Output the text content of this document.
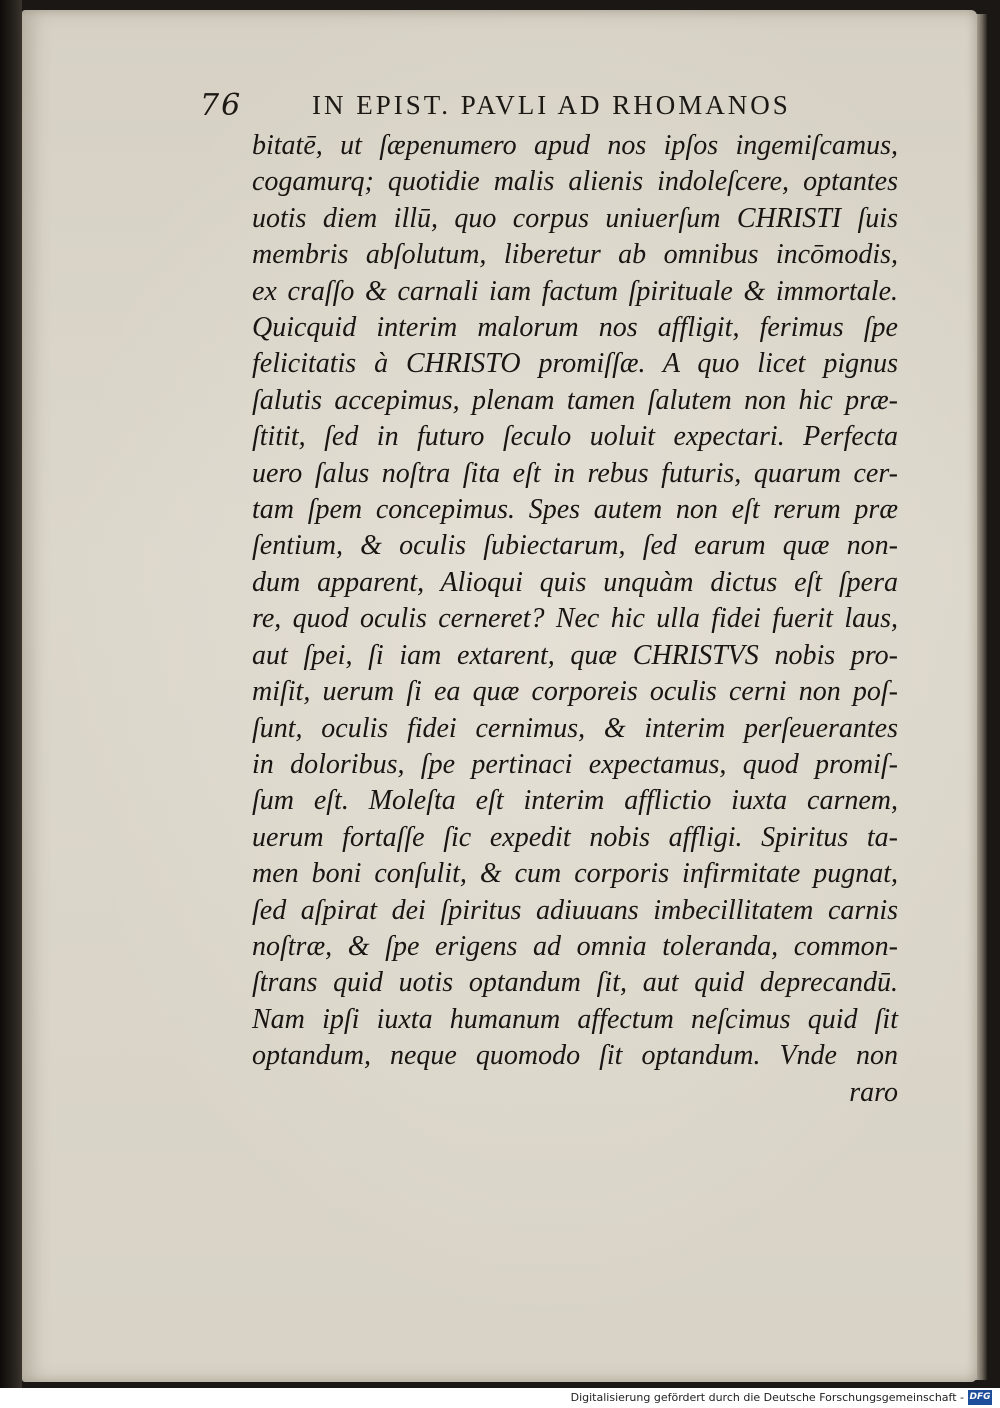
76	IN EPIST. PAVLI AD RHOMANOS
bitatē, ut ſæpenumero apud nos ipſos ingemiſcamus,
cogamurq; quotidie malis alienis indoleſcere, optantes
uotis diem illū, quo corpus uniuerſum CHRISTI ſuis
membris abſolutum, liberetur ab omnibus incōmodis,
ex craſſo & carnali iam factum ſpirituale & immortale.
Quicquid interim malorum nos affligit, ferimus ſpe
felicitatis à CHRISTO promiſſæ. A quo licet pignus
ſalutis accepimus, plenam tamen ſalutem non hic præ-
ſtitit, ſed in futuro ſeculo uoluit expectari. Perfecta
uero ſalus noſtra ſita eſt in rebus futuris, quarum cer-
tam ſpem concepimus. Spes autem non eſt rerum præ
ſentium, & oculis ſubiectarum, ſed earum quæ non-
dum apparent, Alioqui quis unquàm dictus eſt ſpera
re, quod oculis cerneret? Nec hic ulla fidei fuerit laus,
aut ſpei, ſi iam extarent, quæ CHRISTVS nobis pro-
miſit, uerum ſi ea quæ corporeis oculis cerni non poſ-
ſunt, oculis fidei cernimus, & interim perſeuerantes
in doloribus, ſpe pertinaci expectamus, quod promiſ-
ſum eſt. Moleſta eſt interim afflictio iuxta carnem,
uerum fortaſſe ſic expedit nobis affligi. Spiritus ta-
men boni conſulit, & cum corporis infirmitate pugnat,
ſed aſpirat dei ſpiritus adiuuans imbecillitatem carnis
noſtræ, & ſpe erigens ad omnia toleranda, common-
ſtrans quid uotis optandum ſit, aut quid deprecandū.
Nam ipſi iuxta humanum affectum neſcimus quid ſit
optandum, neque quomodo ſit optandum. Vnde non
raro
Digitalisierung gefördert durch die Deutsche Forschungsgemeinschaft - DFG
